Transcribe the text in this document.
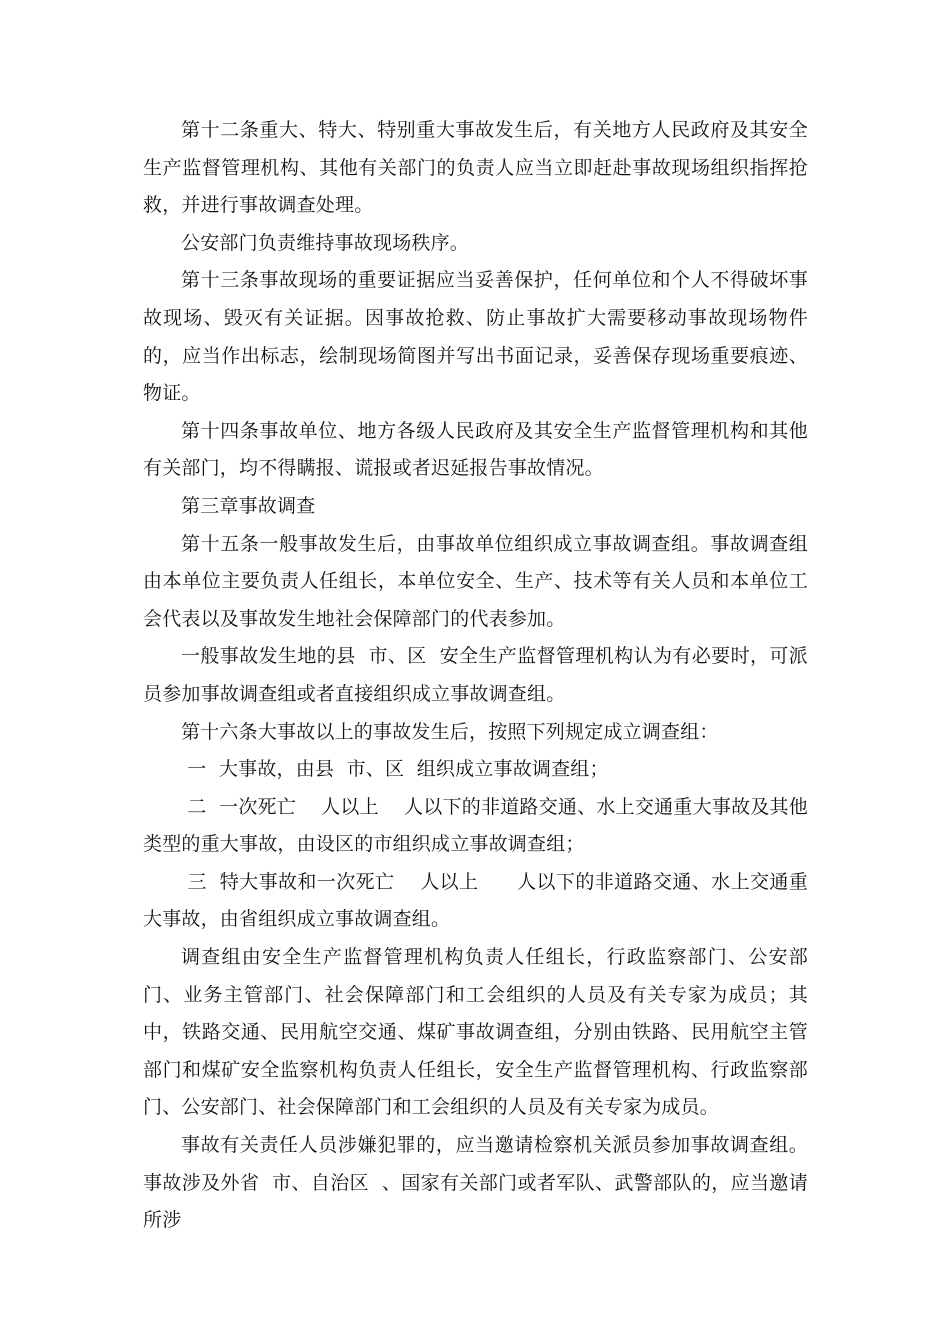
第十二条重大、特大、特别重大事故发生后，有关地方人民政府及其安全生产监督管理机构、其他有关部门的负责人应当立即赶赴事故现场组织指挥抢救，并进行事故调查处理。

公安部门负责维持事故现场秩序。

第十三条事故现场的重要证据应当妥善保护，任何单位和个人不得破坏事故现场、毁灭有关证据。因事故抢救、防止事故扩大需要移动事故现场物件的，应当作出标志，绘制现场简图并写出书面记录，妥善保存现场重要痕迹、物证。

第十四条事故单位、地方各级人民政府及其安全生产监督管理机构和其他有关部门，均不得瞒报、谎报或者迟延报告事故情况。

第三章事故调查

第十五条一般事故发生后，由事故单位组织成立事故调查组。事故调查组由本单位主要负责人任组长，本单位安全、生产、技术等有关人员和本单位工会代表以及事故发生地社会保障部门的代表参加。

一般事故发生地的县  市、区  安全生产监督管理机构认为有必要时，可派员参加事故调查组或者直接组织成立事故调查组。

第十六条大事故以上的事故发生后，按照下列规定成立调查组：

一  大事故，由县  市、区  组织成立事故调查组；

二  一次死亡    人以上    人以下的非道路交通、水上交通重大事故及其他类型的重大事故，由设区的市组织成立事故调查组；

三  特大事故和一次死亡    人以上      人以下的非道路交通、水上交通重大事故，由省组织成立事故调查组。

调查组由安全生产监督管理机构负责人任组长，行政监察部门、公安部门、业务主管部门、社会保障部门和工会组织的人员及有关专家为成员；其中，铁路交通、民用航空交通、煤矿事故调查组，分别由铁路、民用航空主管部门和煤矿安全监察机构负责人任组长，安全生产监督管理机构、行政监察部门、公安部门、社会保障部门和工会组织的人员及有关专家为成员。

事故有关责任人员涉嫌犯罪的，应当邀请检察机关派员参加事故调查组。事故涉及外省  市、自治区  、国家有关部门或者军队、武警部队的，应当邀请所涉
